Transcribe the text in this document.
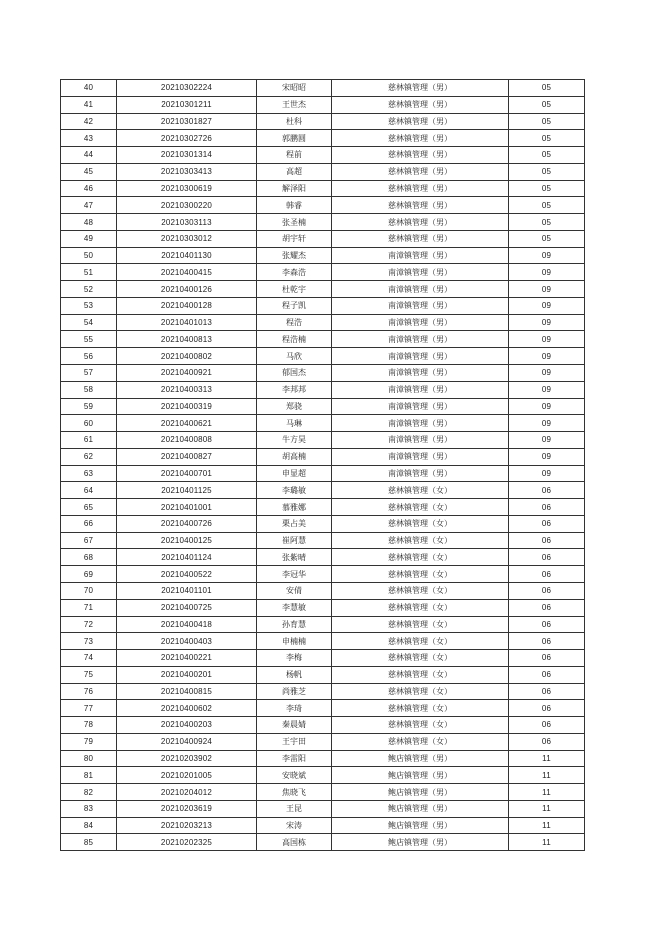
40	20210302224	宋昭昭	慈林镇管理（男）	05
41	20210301211	王世杰	慈林镇管理（男）	05
42	20210301827	杜科	慈林镇管理（男）	05
43	20210302726	郭鹏圆	慈林镇管理（男）	05
44	20210301314	程前	慈林镇管理（男）	05
45	20210303413	高超	慈林镇管理（男）	05
46	20210300619	解泽阳	慈林镇管理（男）	05
47	20210300220	韩睿	慈林镇管理（男）	05
48	20210303113	张圣楠	慈林镇管理（男）	05
49	20210303012	胡宇轩	慈林镇管理（男）	05
50	20210401130	张耀杰	南漳镇管理（男）	09
51	20210400415	李森浩	南漳镇管理（男）	09
52	20210400126	杜乾宇	南漳镇管理（男）	09
53	20210400128	程子凯	南漳镇管理（男）	09
54	20210401013	程浩	南漳镇管理（男）	09
55	20210400813	程浩楠	南漳镇管理（男）	09
56	20210400802	马欣	南漳镇管理（男）	09
57	20210400921	郁国杰	南漳镇管理（男）	09
58	20210400313	李邦邦	南漳镇管理（男）	09
59	20210400319	郑骁	南漳镇管理（男）	09
60	20210400621	马琳	南漳镇管理（男）	09
61	20210400808	牛方昊	南漳镇管理（男）	09
62	20210400827	胡高楠	南漳镇管理（男）	09
63	20210400701	申显超	南漳镇管理（男）	09
64	20210401125	李璐敏	慈林镇管理（女）	06
65	20210401001	慕雅娜	慈林镇管理（女）	06
66	20210400726	栗占美	慈林镇管理（女）	06
67	20210400125	崔阿慧	慈林镇管理（女）	06
68	20210401124	张紫晴	慈林镇管理（女）	06
69	20210400522	李冠华	慈林镇管理（女）	06
70	20210401101	安倩	慈林镇管理（女）	06
71	20210400725	李慧敏	慈林镇管理（女）	06
72	20210400418	孙育慧	慈林镇管理（女）	06
73	20210400403	申楠楠	慈林镇管理（女）	06
74	20210400221	李梅	慈林镇管理（女）	06
75	20210400201	杨帆	慈林镇管理（女）	06
76	20210400815	尚雅芝	慈林镇管理（女）	06
77	20210400602	李琦	慈林镇管理（女）	06
78	20210400203	秦晨婧	慈林镇管理（女）	06
79	20210400924	王宇田	慈林镇管理（女）	06
80	20210203902	李雷阳	鲍店镇管理（男）	11
81	20210201005	安晓斌	鲍店镇管理（男）	11
82	20210204012	焦晓飞	鲍店镇管理（男）	11
83	20210203619	王昆	鲍店镇管理（男）	11
84	20210203213	宋涛	鲍店镇管理（男）	11
85	20210202325	高国栋	鲍店镇管理（男）	11
